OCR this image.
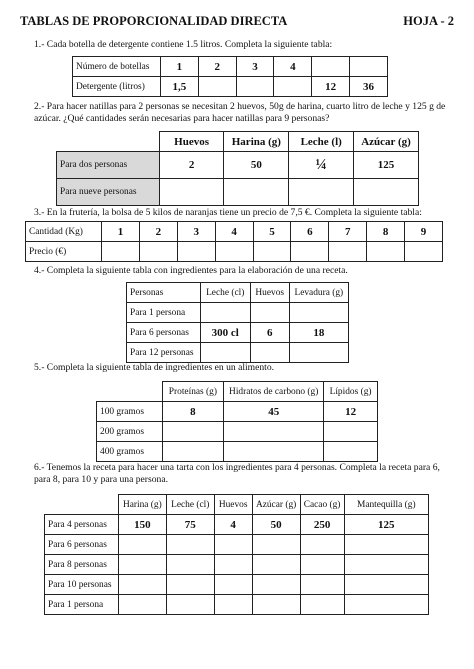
TABLAS DE PROPORCIONALIDAD DIRECTA	HOJA - 2
1.- Cada botella de detergente contiene 1.5 litros. Completa la siguiente tabla:
Número de botellas	1	2	3	4		
Detergente (litros)	1,5				12	36
2.- Para hacer natillas para 2 personas se necesitan 2 huevos, 50g de harina, cuarto litro de leche y 125 g de
azúcar. ¿Qué cantidades serán necesarias para hacer natillas para 9 personas?
	Huevos	Harina (g)	Leche (l)	Azúcar (g)
Para dos personas	2	50	¼	125
Para nueve personas				
3.- En la frutería, la bolsa de 5 kilos de naranjas tiene un precio de 7,5 €. Completa la siguiente tabla:
Cantidad (Kg)	1	2	3	4	5	6	7	8	9
Precio (€)									
4.- Completa la siguiente tabla con ingredientes para la elaboración de una receta.
Personas	Leche (cl)	Huevos	Levadura (g)
Para 1 persona			
Para 6 personas	300 cl	6	18
Para 12 personas			
5.- Completa la siguiente tabla de ingredientes en un alimento.
	Proteínas (g)	Hidratos de carbono (g)	Lípidos (g)
100 gramos	8	45	12
200 gramos			
400 gramos			
6.- Tenemos la receta para hacer una tarta con los ingredientes para 4 personas. Completa la receta para 6,
para 8, para 10 y para una persona.
	Harina (g)	Leche (cl)	Huevos	Azúcar (g)	Cacao (g)	Mantequilla (g)
Para 4 personas	150	75	4	50	250	125
Para 6 personas						
Para 8 personas						
Para 10 personas						
Para 1 persona						
